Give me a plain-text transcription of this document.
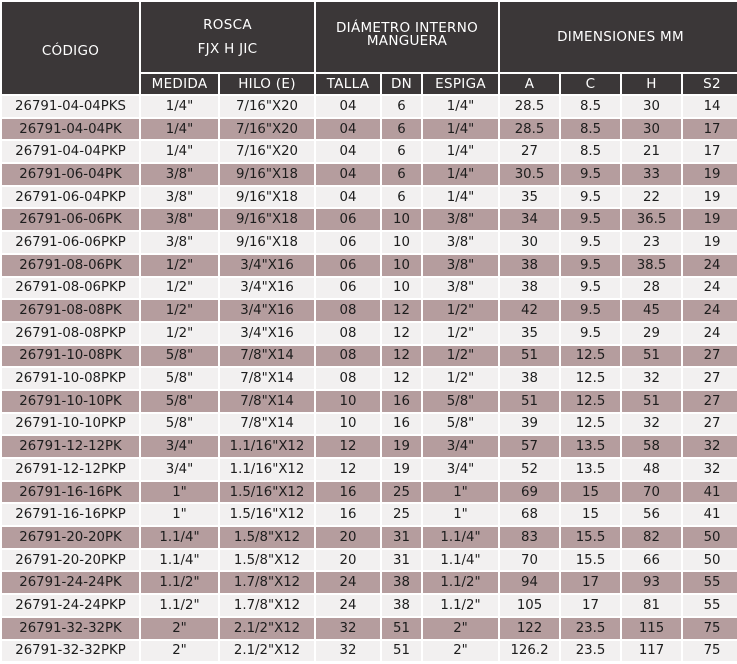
CÓDIGO	ROSCA
FJX H JIC		DIÁMETRO INTERNO
MANGUERA			DIMENSIONES MM			

	MEDIDA	HILO (E)	TALLA	DN	ESPIGA	A	C	H	S2
26791-04-04PKS	1/4"	7/16"X20	04	6	1/4"	28.5	8.5	30	14
26791-04-04PK	1/4"	7/16"X20	04	6	1/4"	28.5	8.5	30	17
26791-04-04PKP	1/4"	7/16"X20	04	6	1/4"	27	8.5	21	17
26791-06-04PK	3/8"	9/16"X18	04	6	1/4"	30.5	9.5	33	19
26791-06-04PKP	3/8"	9/16"X18	04	6	1/4"	35	9.5	22	19
26791-06-06PK	3/8"	9/16"X18	06	10	3/8"	34	9.5	36.5	19
26791-06-06PKP	3/8"	9/16"X18	06	10	3/8"	30	9.5	23	19
26791-08-06PK	1/2"	3/4"X16	06	10	3/8"	38	9.5	38.5	24
26791-08-06PKP	1/2"	3/4"X16	06	10	3/8"	38	9.5	28	24
26791-08-08PK	1/2"	3/4"X16	08	12	1/2"	42	9.5	45	24
26791-08-08PKP	1/2"	3/4"X16	08	12	1/2"	35	9.5	29	24
26791-10-08PK	5/8"	7/8"X14	08	12	1/2"	51	12.5	51	27
26791-10-08PKP	5/8"	7/8"X14	08	12	1/2"	38	12.5	32	27
26791-10-10PK	5/8"	7/8"X14	10	16	5/8"	51	12.5	51	27
26791-10-10PKP	5/8"	7/8"X14	10	16	5/8"	39	12.5	32	27
26791-12-12PK	3/4"	1.1/16"X12	12	19	3/4"	57	13.5	58	32
26791-12-12PKP	3/4"	1.1/16"X12	12	19	3/4"	52	13.5	48	32
26791-16-16PK	1"	1.5/16"X12	16	25	1"	69	15	70	41
26791-16-16PKP	1"	1.5/16"X12	16	25	1"	68	15	56	41
26791-20-20PK	1.1/4"	1.5/8"X12	20	31	1.1/4"	83	15.5	82	50
26791-20-20PKP	1.1/4"	1.5/8"X12	20	31	1.1/4"	70	15.5	66	50
26791-24-24PK	1.1/2"	1.7/8"X12	24	38	1.1/2"	94	17	93	55
26791-24-24PKP	1.1/2"	1.7/8"X12	24	38	1.1/2"	105	17	81	55
26791-32-32PK	2"	2.1/2"X12	32	51	2"	122	23.5	115	75
26791-32-32PKP	2"	2.1/2"X12	32	51	2"	126.2	23.5	117	75
